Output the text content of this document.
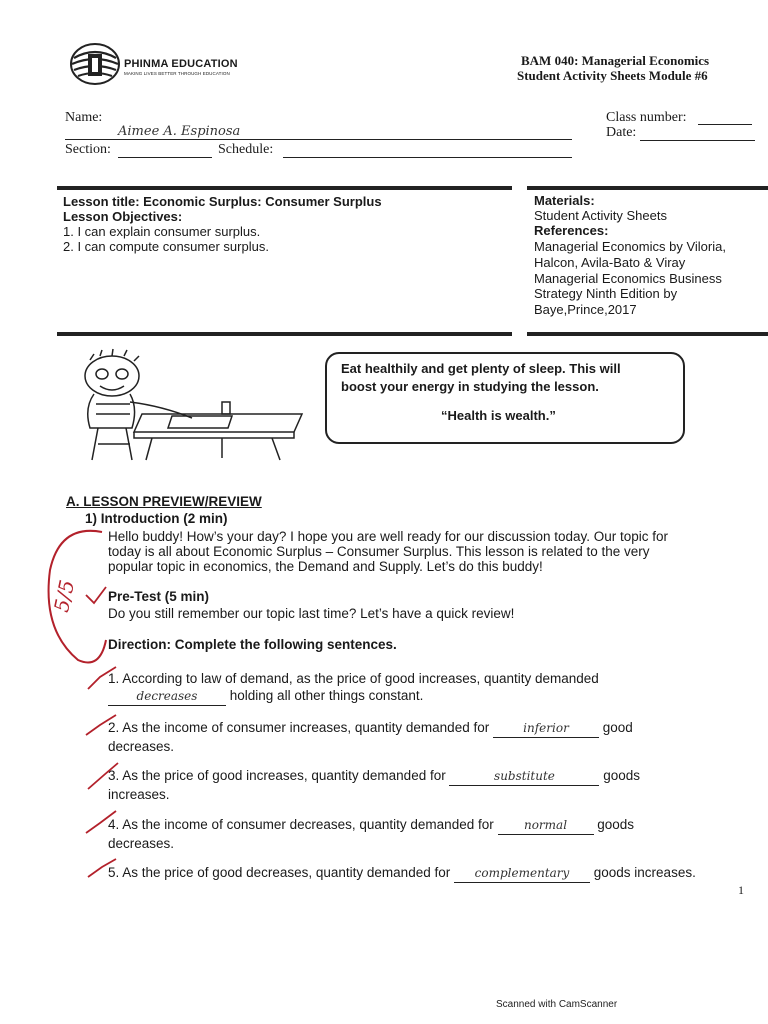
PHINMA EDUCATION
MAKING LIVES BETTER THROUGH EDUCATION
BAM 040: Managerial Economics
Student Activity Sheets Module #6
Name:
Aimee A. Espinosa
Class number:
Date:
Section:	Schedule:
Lesson title: Economic Surplus: Consumer Surplus
Lesson Objectives:
1. I can explain consumer surplus.
2. I can compute consumer surplus.
Materials:
Student Activity Sheets
References:
Managerial Economics by Viloria,
Halcon, Avila-Bato & Viray
Managerial Economics Business
Strategy Ninth Edition by
Baye,Prince,2017
Eat healthily and get plenty of sleep. This will
boost your energy in studying the lesson.
“Health is wealth.”
A. LESSON PREVIEW/REVIEW
1) Introduction (2 min)
Hello buddy! How’s your day? I hope you are well ready for our discussion today. Our topic for
today is all about Economic Surplus – Consumer Surplus. This lesson is related to the very
popular topic in economics, the Demand and Supply. Let’s do this buddy!
Pre-Test (5 min)
Do you still remember our topic last time? Let’s have a quick review!
Direction: Complete the following sentences.
1. According to law of demand, as the price of good increases, quantity demanded
decreases holding all other things constant.
2. As the income of consumer increases, quantity demanded for	inferior	good
decreases.
3. As the price of good increases, quantity demanded for	substitute	goods
increases.
4. As the income of consumer decreases, quantity demanded for	normal goods
decreases.
5. As the price of good decreases, quantity demanded for complementary goods increases.
5/5
1
Scanned with CamScanner
